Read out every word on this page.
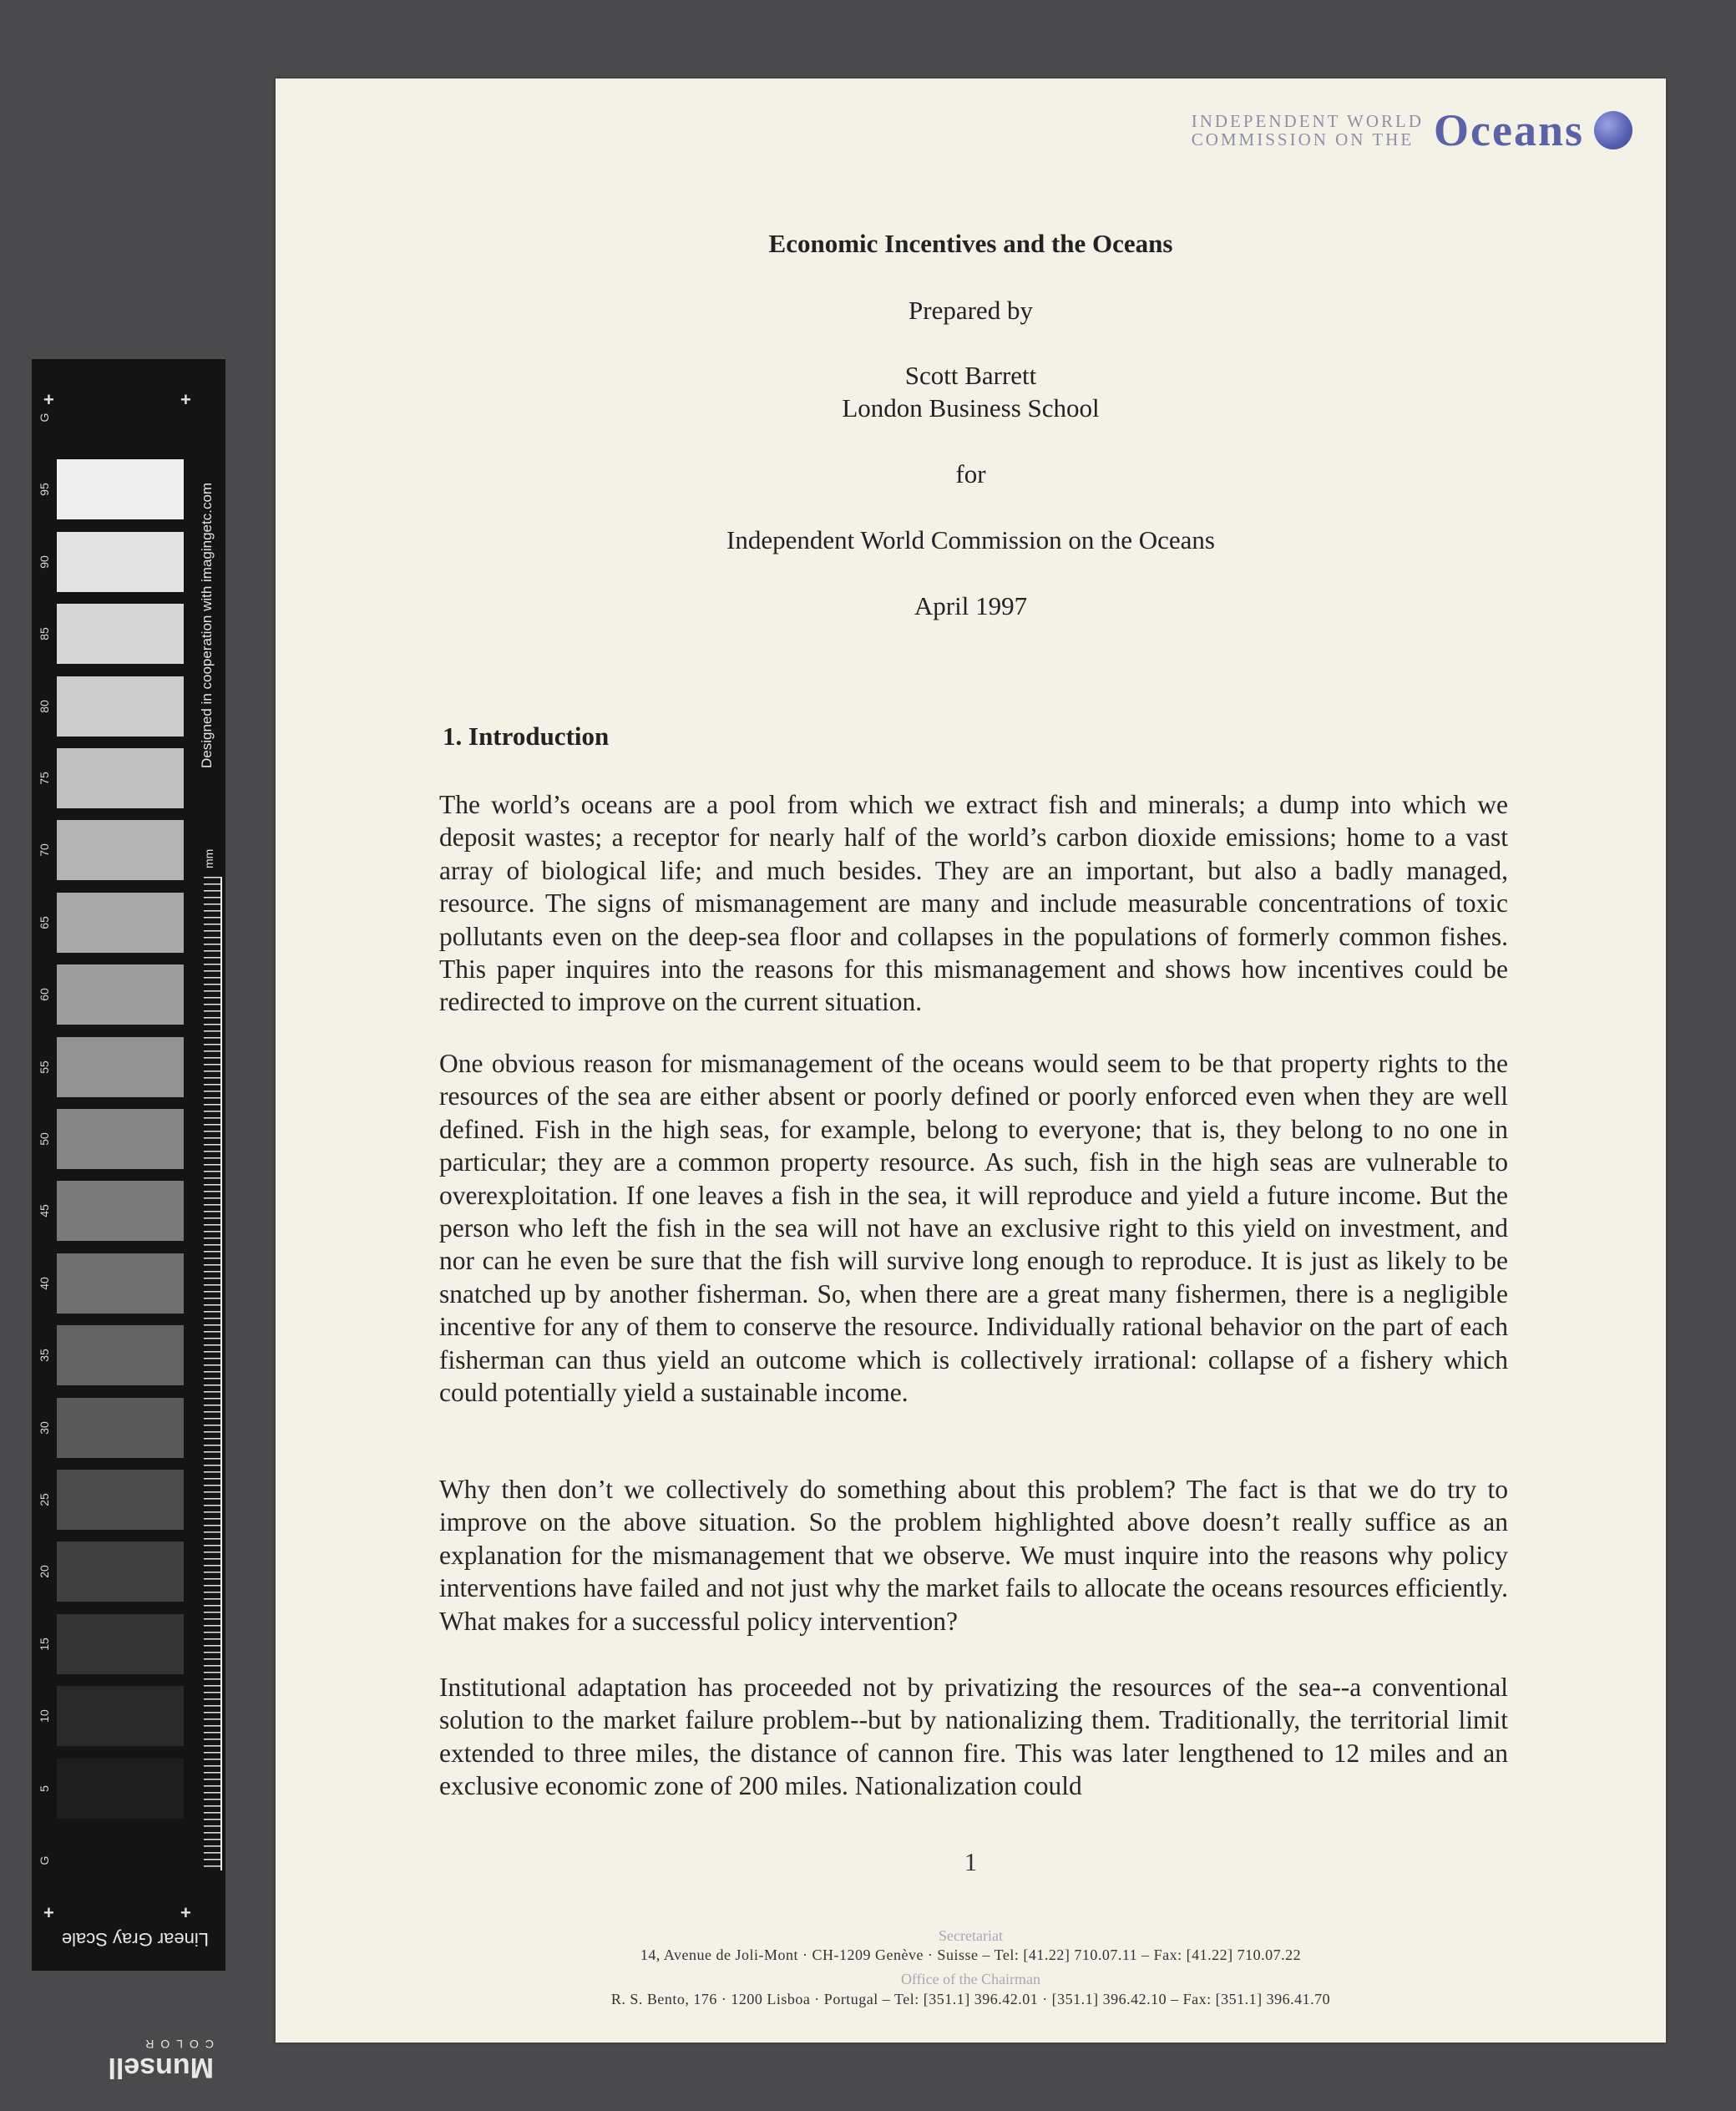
G
95
90
85
80
75
70
65
60
55
50
45
40
35
30
25
20
15
10
5
G
+	+
+	+
Designed in cooperation with imagingetc.com
mm
Linear Gray Scale
Munsell
COLOR
INDEPENDENT WORLD
COMMISSION ON THE Oceans
Economic Incentives and the Oceans
Prepared by
Scott Barrett
London Business School
for
Independent World Commission on the Oceans
April 1997
1. Introduction
The world’s oceans are a pool from which we extract fish and minerals; a dump into which we deposit wastes; a receptor for nearly half of the world’s carbon dioxide emissions; home to a vast array of biological life; and much besides. They are an important, but also a badly managed, resource. The signs of mismanagement are many and include measurable concentrations of toxic pollutants even on the deep-sea floor and collapses in the populations of formerly common fishes. This paper inquires into the reasons for this mismanagement and shows how incentives could be redirected to improve on the current situation.
One obvious reason for mismanagement of the oceans would seem to be that property rights to the resources of the sea are either absent or poorly defined or poorly enforced even when they are well defined. Fish in the high seas, for example, belong to everyone; that is, they belong to no one in particular; they are a common property resource. As such, fish in the high seas are vulnerable to overexploitation. If one leaves a fish in the sea, it will reproduce and yield a future income. But the person who left the fish in the sea will not have an exclusive right to this yield on investment, and nor can he even be sure that the fish will survive long enough to reproduce. It is just as likely to be snatched up by another fisherman. So, when there are a great many fishermen, there is a negligible incentive for any of them to conserve the resource. Individually rational behavior on the part of each fisherman can thus yield an outcome which is collectively irrational: collapse of a fishery which could potentially yield a sustainable income.
Why then don’t we collectively do something about this problem? The fact is that we do try to improve on the above situation. So the problem highlighted above doesn’t really suffice as an explanation for the mismanagement that we observe. We must inquire into the reasons why policy interventions have failed and not just why the market fails to allocate the oceans resources efficiently. What makes for a successful policy intervention?
Institutional adaptation has proceeded not by privatizing the resources of the sea--a conventional solution to the market failure problem--but by nationalizing them. Traditionally, the territorial limit extended to three miles, the distance of cannon fire. This was later lengthened to 12 miles and an exclusive economic zone of 200 miles. Nationalization could
1
Secretariat
14, Avenue de Joli-Mont · CH-1209 Genève · Suisse – Tel: [41.22] 710.07.11 – Fax: [41.22] 710.07.22
Office of the Chairman
R. S. Bento, 176 · 1200 Lisboa · Portugal – Tel: [351.1] 396.42.01 · [351.1] 396.42.10 – Fax: [351.1] 396.41.70
